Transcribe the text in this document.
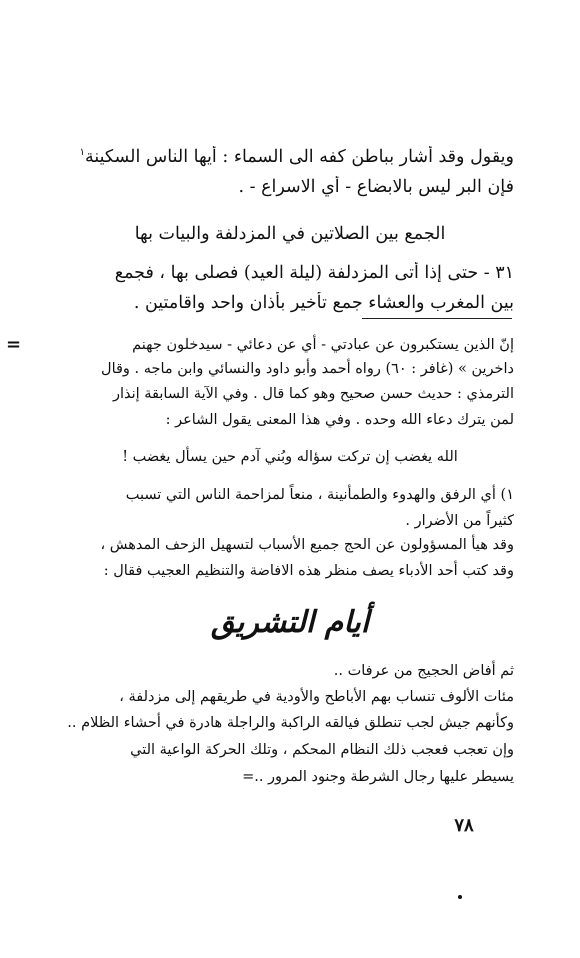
ويقول وقد أشار بباطن كفه الى السماء : أيها الناس السكينة$^١$
فإن البر ليس بالابضاع - أي الاسراع - .
الجمع بين الصلاتين في المزدلفة والبيات بها
٣١ - حتى إذا أتى المزدلفة (ليلة العيد) فصلى بها ، فجمع
بين المغرب والعشاء جمع تأخير بأذان واحد واقامتين .
=	إنّ الذين يستكبرون عن عبادتي - أي عن دعائي - سيدخلون جهنم
داخرين » (غافر : ٦٠) رواه أحمد وأبو داود والنسائي وابن ماجه . وقال
الترمذي : حديث حسن صحيح وهو كما قال . وفي الآية السابقة إنذار
لمن يترك دعاء الله وحده . وفي هذا المعنى يقول الشاعر :
الله يغضب إن تركت سؤاله وبُني آدم حين يسأل يغضب !
١) أي الرفق والهدوء والطمأنينة ، منعاً لمزاحمة الناس التي تسبب
كثيراً من الأضرار .
وقد هيأ المسؤولون عن الحج جميع الأسباب لتسهيل الزحف المدهش ،
وقد كتب أحد الأدباء يصف منظر هذه الافاضة والتنظيم العجيب فقال :
أيام التشريق
ثم أفاض الحجيج من عرفات ..
مئات الألوف تنساب بهم الأباطح والأودية في طريقهم إلى مزدلفة ،
وكأنهم جيش لجب تنطلق فيالقه الراكبة والراجلة هادرة في أحشاء الظلام ..
وإن تعجب فعجب ذلك النظام المحكم ، وتلك الحركة الواعية التي
يسيطر عليها رجال الشرطة وجنود المرور ..=
٧٨
